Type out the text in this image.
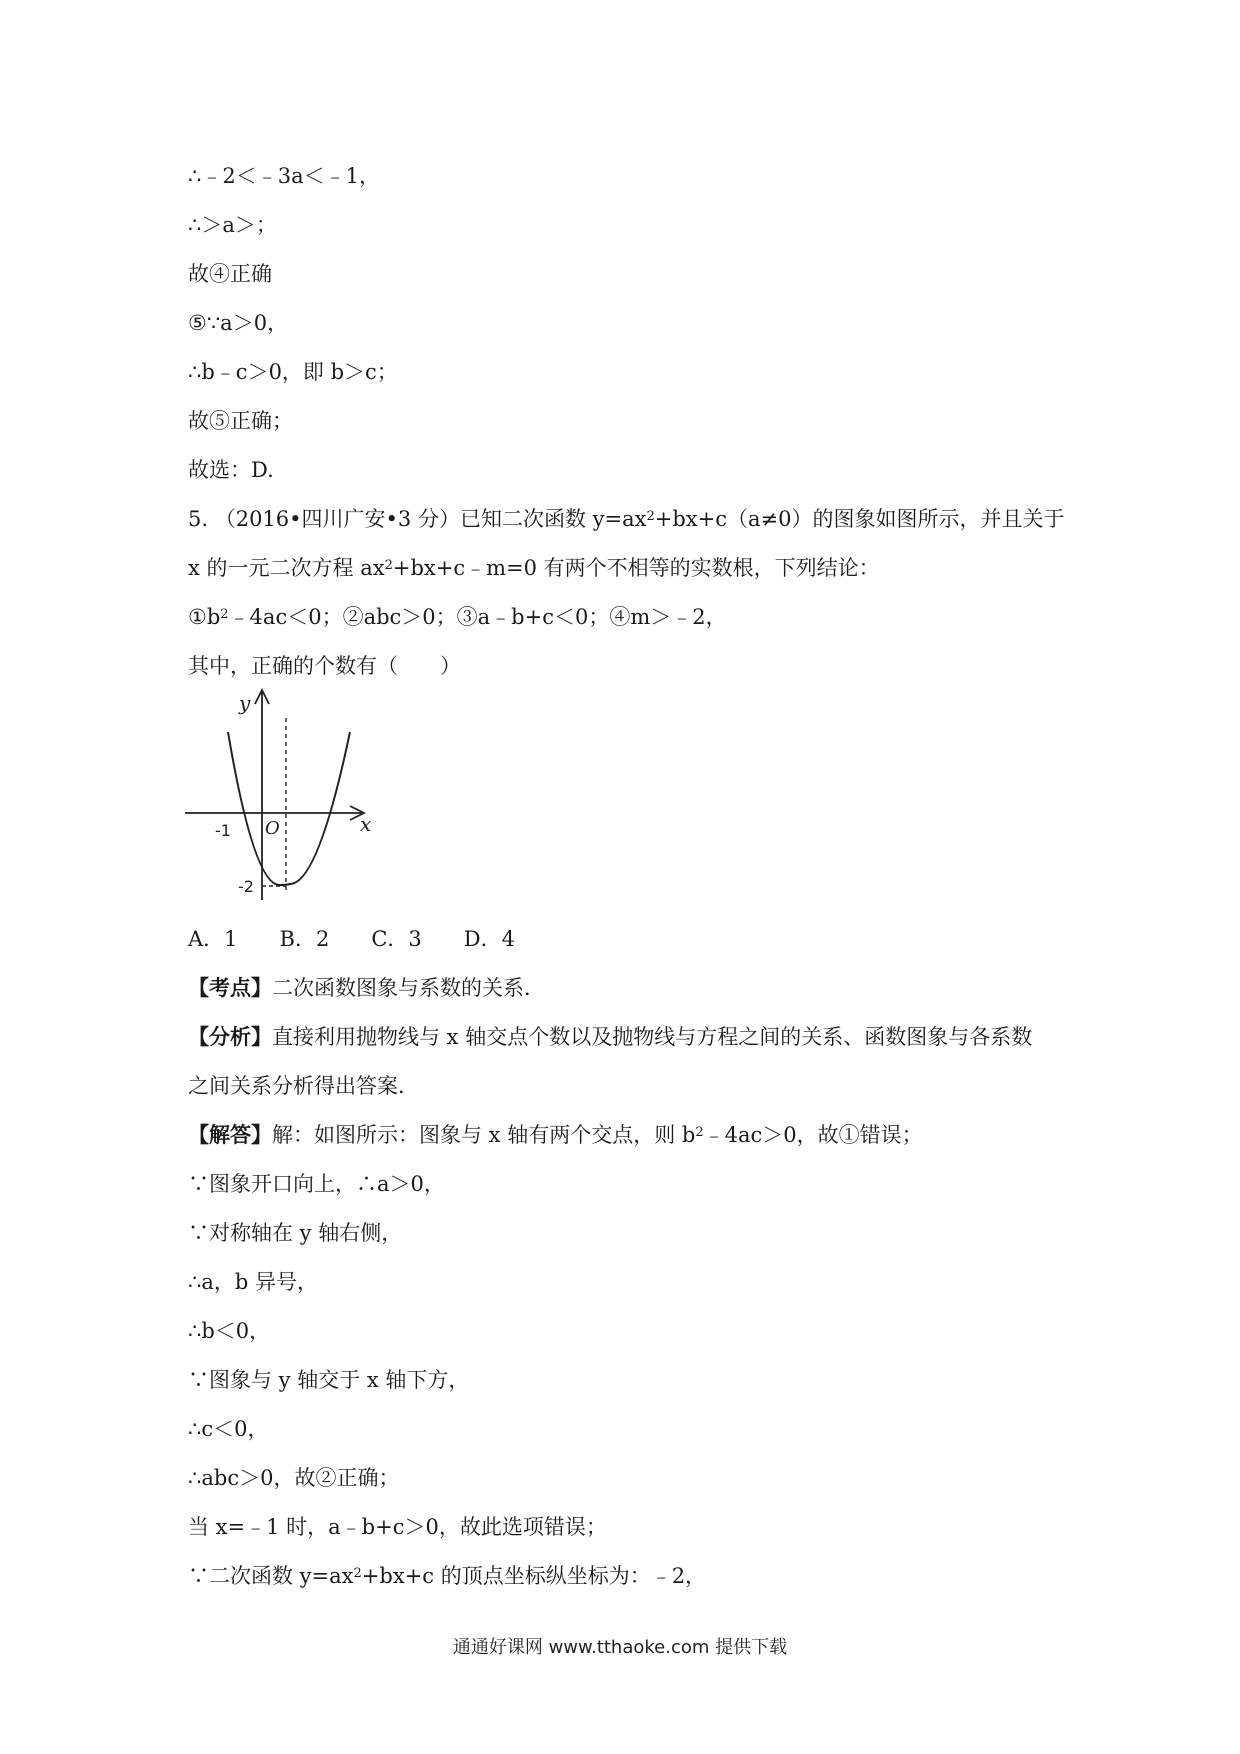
∴﹣2＜﹣3a＜﹣1，
∴＞a＞；
故④正确
⑤∵a＞0，
∴b﹣c＞0，即 b＞c；
故⑤正确；
故选：D.
5. （2016•四川广安•3 分）已知二次函数 $y=ax^2+bx+c(a\ne 0)$的图象如图所示，并且关于
x 的一元二次方程 $ax^2+bx+c﹣m=0$ 有两个不相等的实数根，下列结论：
$①b^2﹣4ac<0$；②abc＞0；③a﹣b+c＜0；④m＞﹣2，
其中，正确的个数有（　　）
y
x
O
-1
-2
A．1　　B．2　　C．3　　D．4
【考点】二次函数图象与系数的关系．
【分析】直接利用抛物线与 x 轴交点个数以及抛物线与方程之间的关系、函数图象与各系数
之间关系分析得出答案．
【解答】解：如图所示：图象与 x 轴有两个交点，则 $b^2﹣4ac>0$，故①错误；
∵图象开口向上，∴a＞0，
∵对称轴在 y 轴右侧，
∴a，b 异号，
∴b＜0，
∵图象与 y 轴交于 x 轴下方，
∴c＜0，
∴abc＞0，故②正确；
当 x=﹣1 时，a﹣b+c＞0，故此选项错误；
∵二次函数 $y=ax^2+bx+c$ 的顶点坐标纵坐标为：﹣2，
通通好课网 www.tthaoke.com 提供下载
